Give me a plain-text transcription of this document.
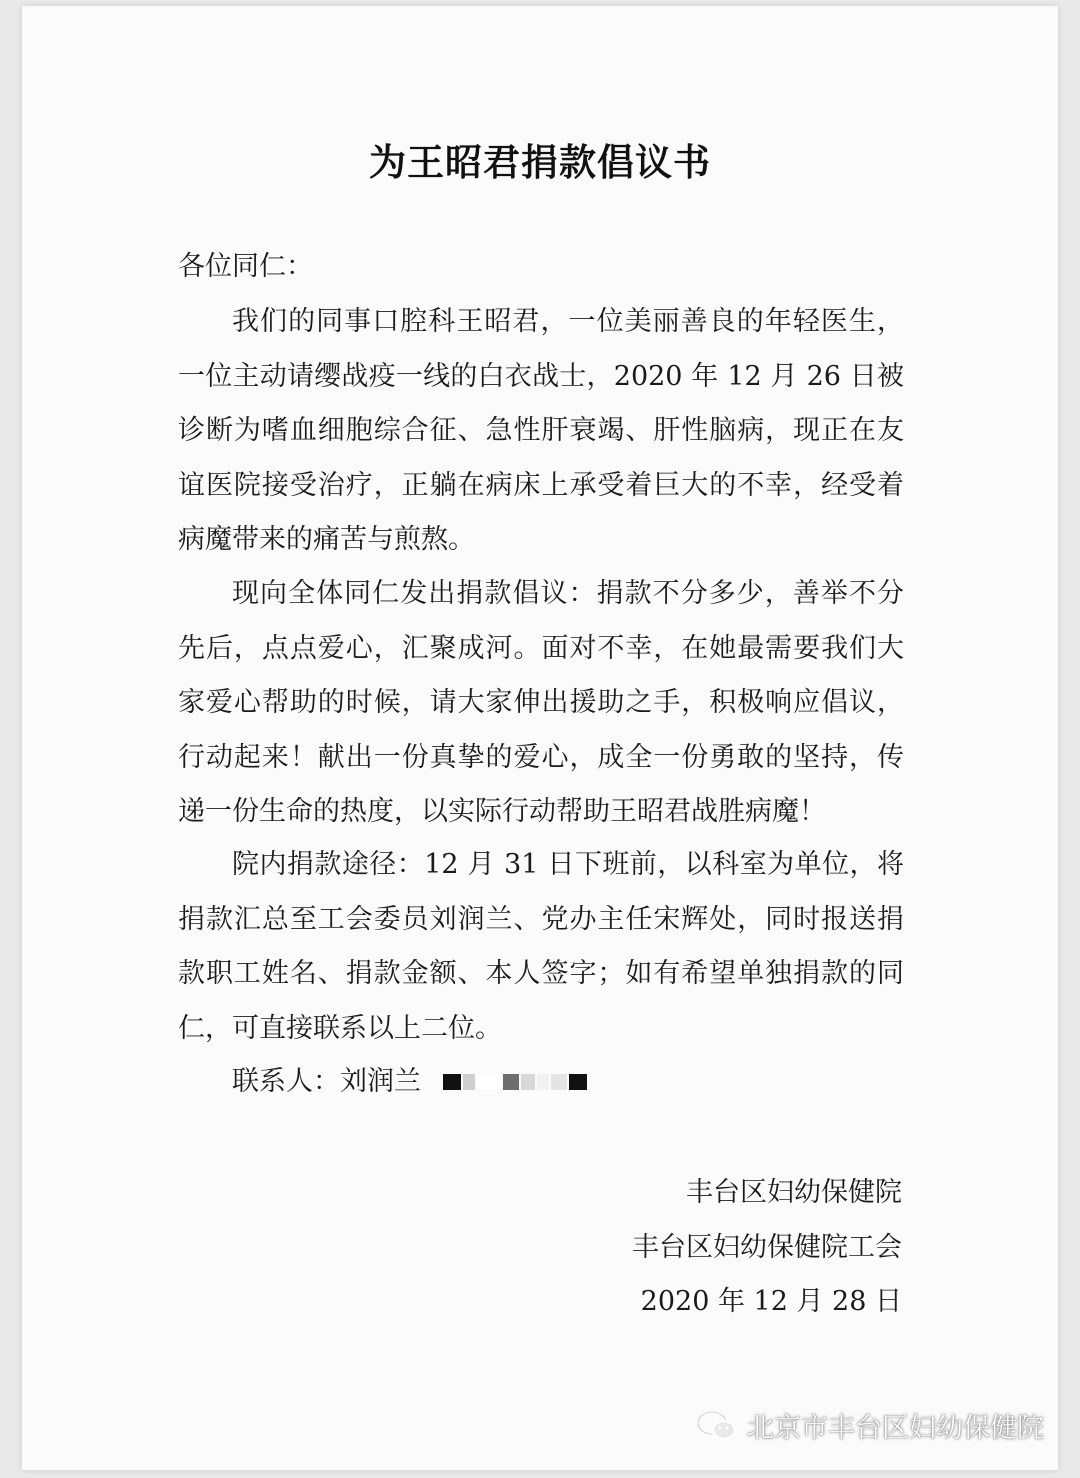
为王昭君捐款倡议书
各位同仁：

我们的同事口腔科王昭君，一位美丽善良的年轻医生，一位主动请缨战疫一线的白衣战士，2020 年 12 月 26 日被诊断为嗜血细胞综合征、急性肝衰竭、肝性脑病，现正在友谊医院接受治疗，正躺在病床上承受着巨大的不幸，经受着病魔带来的痛苦与煎熬。

现向全体同仁发出捐款倡议：捐款不分多少，善举不分先后，点点爱心，汇聚成河。面对不幸，在她最需要我们大家爱心帮助的时候，请大家伸出援助之手，积极响应倡议，行动起来！献出一份真挚的爱心，成全一份勇敢的坚持，传递一份生命的热度，以实际行动帮助王昭君战胜病魔！

院内捐款途径：12 月 31 日下班前，以科室为单位，将捐款汇总至工会委员刘润兰、党办主任宋辉处，同时报送捐款职工姓名、捐款金额、本人签字；如有希望单独捐款的同仁，可直接联系以上二位。

联系人：刘润兰
丰台区妇幼保健院
丰台区妇幼保健院工会
2020 年 12 月 28 日
北京市丰台区妇幼保健院
